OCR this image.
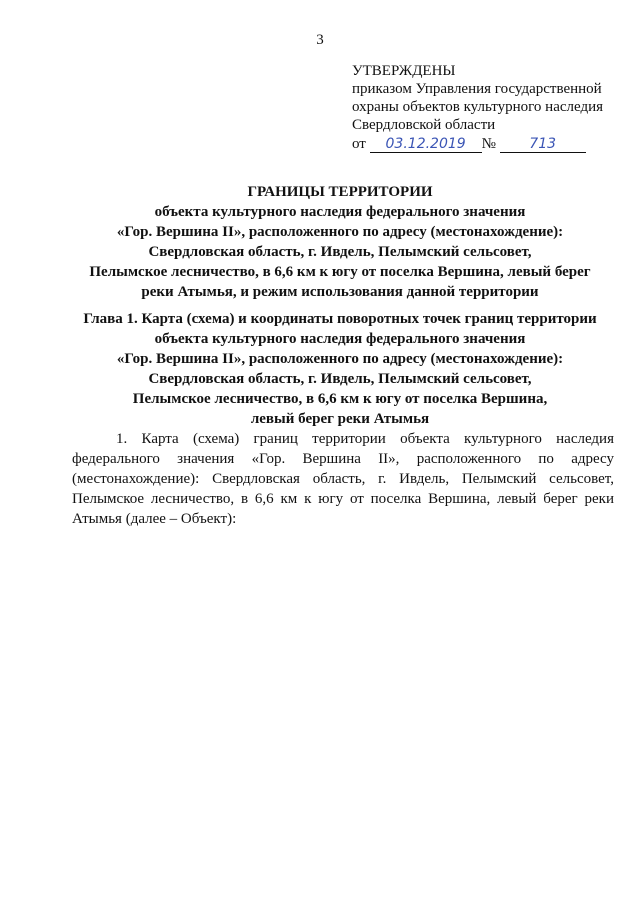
3
УТВЕРЖДЕНЫ
приказом Управления государственной
охраны объектов культурного наследия
Свердловской области
от 03.12.2019 № 713
ГРАНИЦЫ ТЕРРИТОРИИ
объекта культурного наследия федерального значения
«Гор. Вершина II», расположенного по адресу (местонахождение):
Свердловская область, г. Ивдель, Пелымский сельсовет,
Пелымское лесничество, в 6,6 км к югу от поселка Вершина, левый берег
реки Атымья, и режим использования данной территории
Глава 1. Карта (схема) и координаты поворотных точек границ территории
объекта культурного наследия федерального значения
«Гор. Вершина II», расположенного по адресу (местонахождение):
Свердловская область, г. Ивдель, Пелымский сельсовет,
Пелымское лесничество, в 6,6 км к югу от поселка Вершина,
левый берег реки Атымья
1. Карта (схема) границ территории объекта культурного наследия федерального значения «Гор. Вершина II», расположенного по адресу (местонахождение): Свердловская область, г. Ивдель, Пелымский сельсовет, Пелымское лесничество, в 6,6 км к югу от поселка Вершина, левый берег реки Атымья (далее – Объект):
